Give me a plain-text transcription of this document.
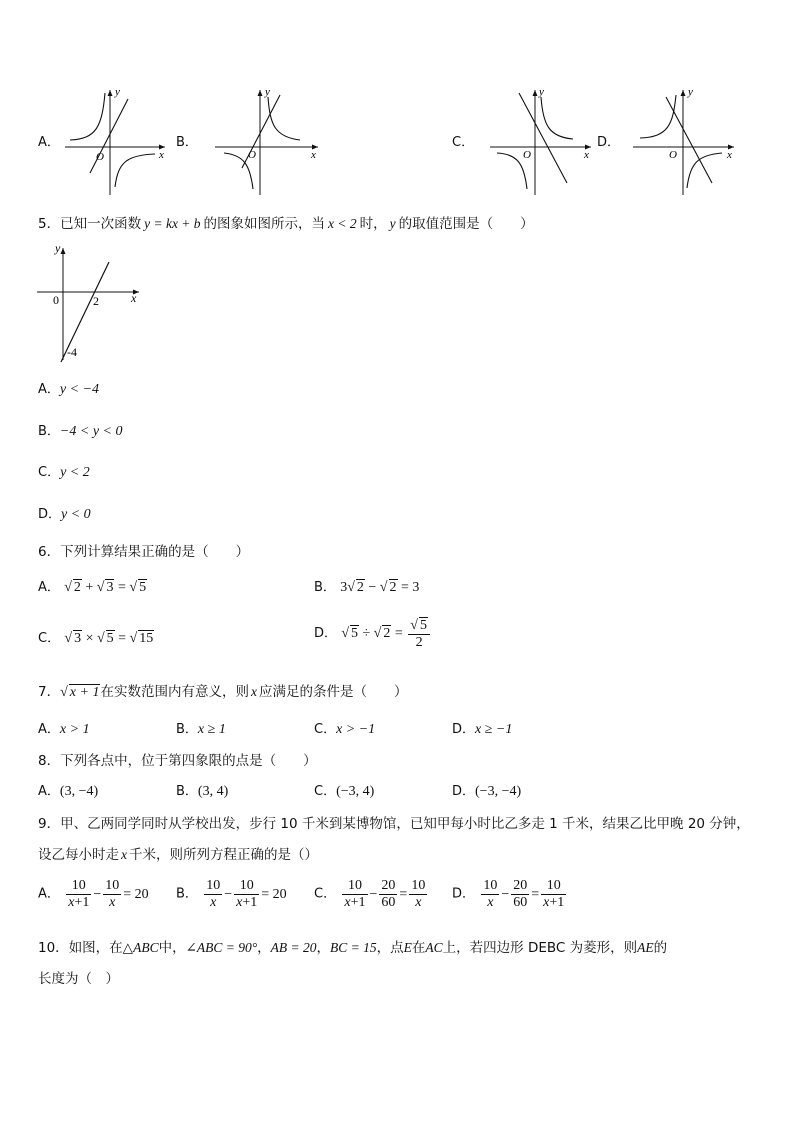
A．
y
x
O
B．
y
x
O
C．
y
x
O
D．
y
x
O
5．已知一次函数 y = kx + b 的图象如图所示，当 x < 2 时， y 的取值范围是（　　）
y
x
0	2
-4
A．y < −4
B．−4 < y < 0
C．y < 2
D．y < 0
6．下列计算结果正确的是（　　）
A． √ 2 + √ 3 = √ 5	B． 3√ 2 − √ 2 = 3
C． √ 3 × √ 5 = √ 15	D． √ 5 ÷ √ $2 = \frac{√ 5}{2}$
7．√ x + 1在实数范围内有意义，则 x 应满足的条件是（　　）
A．x > 1	B．x ≥ 1	C．x > −1	D．x ≥ −1
8．下列各点中，位于第四象限的点是（　　）
A．(3, −4)	B．(3, 4)	C．(−3, 4)	D．(−3, −4)
9．甲、乙两同学同时从学校出发，步行 10 千米到某博物馆，已知甲每小时比乙多走 1 千米，结果乙比甲晚 20 分钟，
设乙每小时走 x 千米，则所列方程正确的是（）
A． $\frac{10}{x+1} - \frac{10}{x} = 20$ B． $\frac{10}{x} - \frac{10}{x+1} = 20$ C． $\frac{10}{x+1} - \frac{20}{60} = \frac{10}{x}$ D． $\frac{10}{x} - \frac{20}{60} = \frac{10}{x+1}$
10．如图，在△ABC中，∠ABC = 90°，AB = 20，BC = 15，点E在AC上，若四边形 DEBC 为菱形，则AE的
长度为（　）
